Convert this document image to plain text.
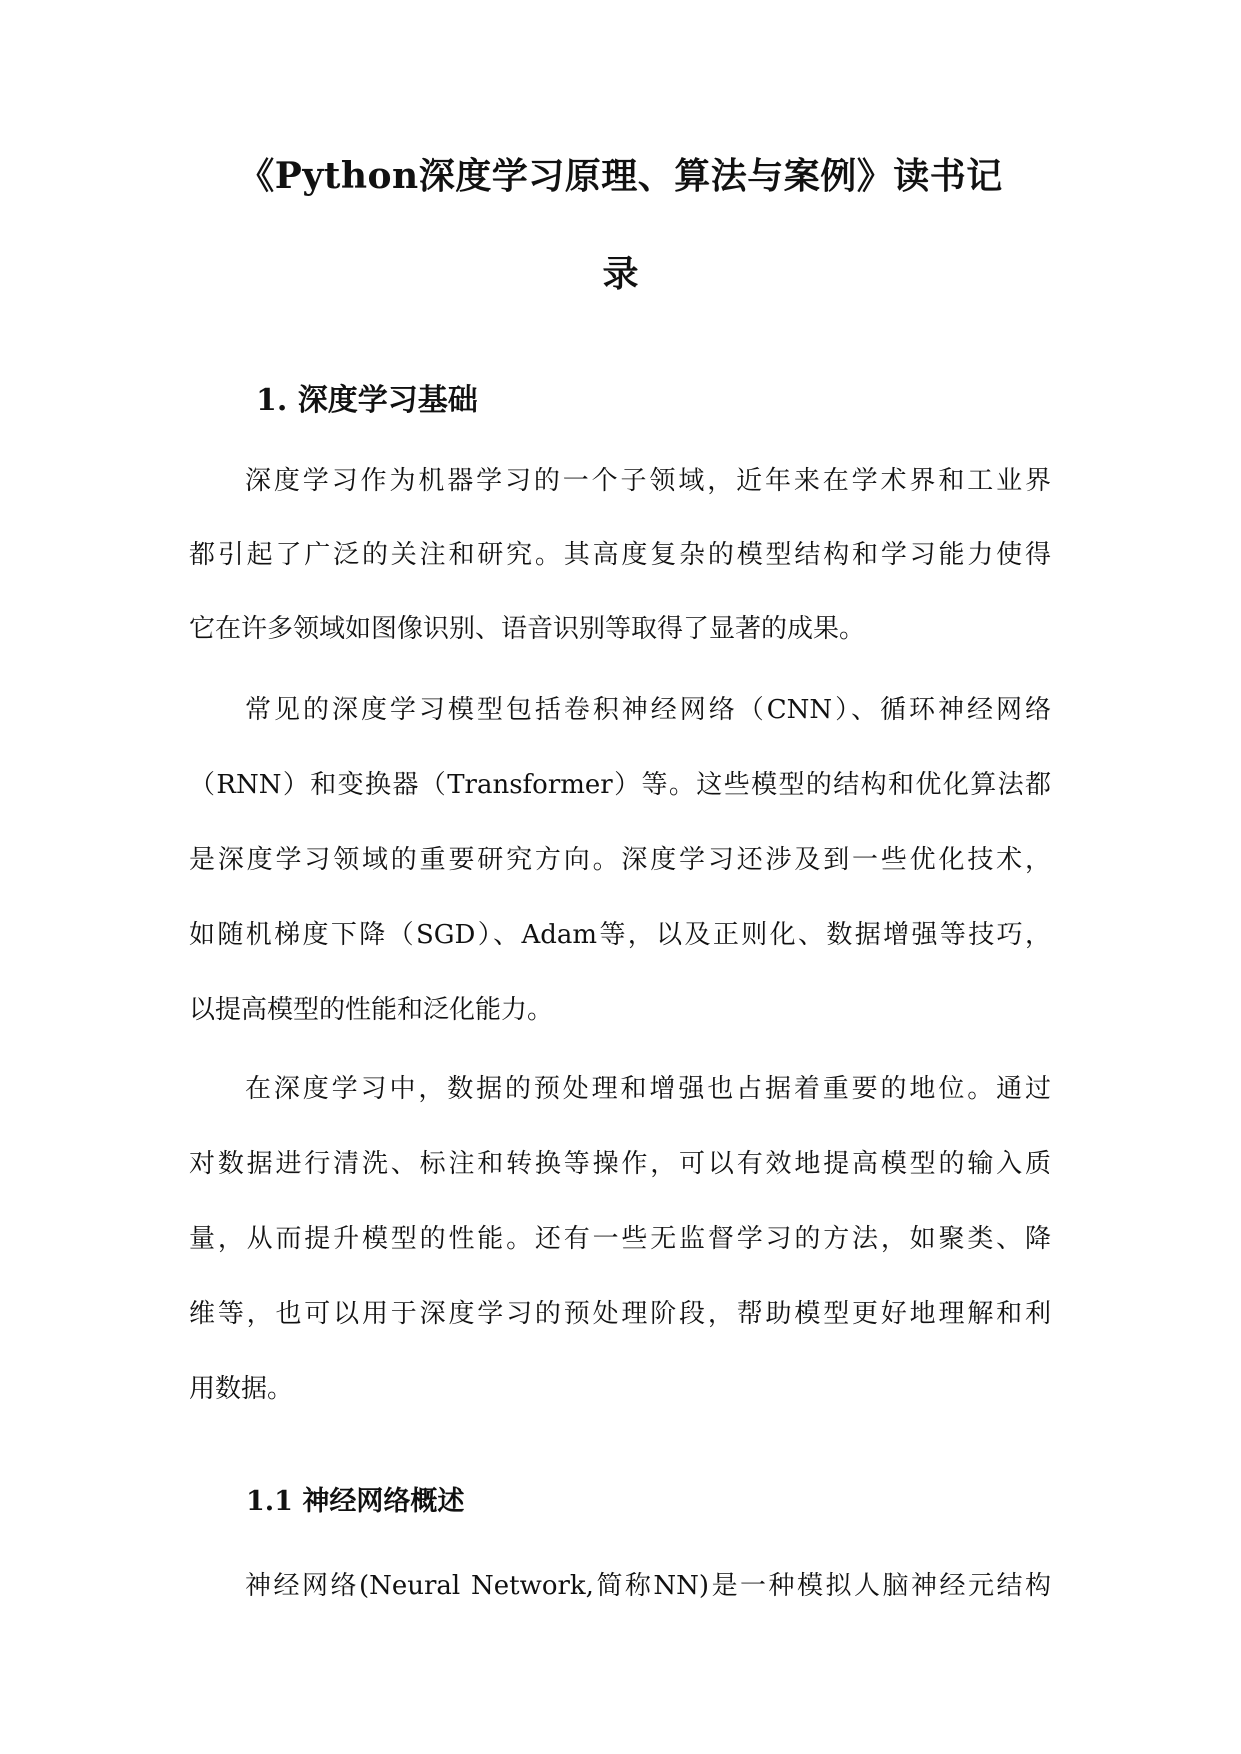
《Python深度学习原理、算法与案例》读书记
录
1. 深度学习基础
深度学习作为机器学习的一个子领域，近年来在学术界和工业界
都引起了广泛的关注和研究。其高度复杂的模型结构和学习能力使得
它在许多领域如图像识别、语音识别等取得了显著的成果。
常见的深度学习模型包括卷积神经网络（CNN）、循环神经网络
（RNN）和变换器（Transformer）等。这些模型的结构和优化算法都
是深度学习领域的重要研究方向。深度学习还涉及到一些优化技术，
如随机梯度下降（SGD）、Adam等，以及正则化、数据增强等技巧，
以提高模型的性能和泛化能力。
在深度学习中，数据的预处理和增强也占据着重要的地位。通过
对数据进行清洗、标注和转换等操作，可以有效地提高模型的输入质
量，从而提升模型的性能。还有一些无监督学习的方法，如聚类、降
维等，也可以用于深度学习的预处理阶段，帮助模型更好地理解和利
用数据。
1.1 神经网络概述
神经网络(Neural Network,简称NN)是一种模拟人脑神经元结构
